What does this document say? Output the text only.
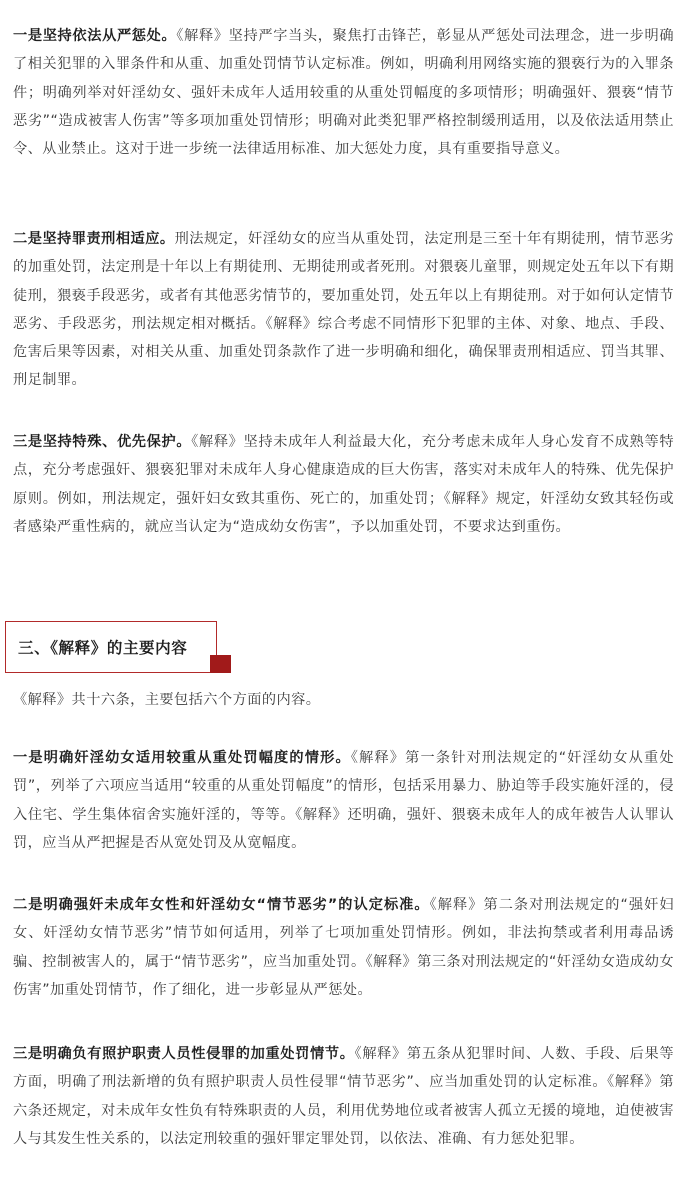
一是坚持依法从严惩处。《解释》坚持严字当头，聚焦打击锋芒，彰显从严惩处司法理念，进一步明确了相关犯罪的入罪条件和从重、加重处罚情节认定标准。例如，明确利用网络实施的猥亵行为的入罪条件；明确列举对奸淫幼女、强奸未成年人适用较重的从重处罚幅度的多项情形；明确强奸、猥亵“情节恶劣”“造成被害人伤害”等多项加重处罚情形；明确对此类犯罪严格控制缓刑适用，以及依法适用禁止令、从业禁止。这对于进一步统一法律适用标准、加大惩处力度，具有重要指导意义。

二是坚持罪责刑相适应。刑法规定，奸淫幼女的应当从重处罚，法定刑是三至十年有期徒刑，情节恶劣的加重处罚，法定刑是十年以上有期徒刑、无期徒刑或者死刑。对猥亵儿童罪，则规定处五年以下有期徒刑，猥亵手段恶劣，或者有其他恶劣情节的，要加重处罚，处五年以上有期徒刑。对于如何认定情节恶劣、手段恶劣，刑法规定相对概括。《解释》综合考虑不同情形下犯罪的主体、对象、地点、手段、危害后果等因素，对相关从重、加重处罚条款作了进一步明确和细化，确保罪责刑相适应、罚当其罪、刑足制罪。

三是坚持特殊、优先保护。《解释》坚持未成年人利益最大化，充分考虑未成年人身心发育不成熟等特点，充分考虑强奸、猥亵犯罪对未成年人身心健康造成的巨大伤害，落实对未成年人的特殊、优先保护原则。例如，刑法规定，强奸妇女致其重伤、死亡的，加重处罚；《解释》规定，奸淫幼女致其轻伤或者感染严重性病的，就应当认定为“造成幼女伤害”，予以加重处罚，不要求达到重伤。

三、《解释》的主要内容

《解释》共十六条，主要包括六个方面的内容。

一是明确奸淫幼女适用较重从重处罚幅度的情形。《解释》第一条针对刑法规定的“奸淫幼女从重处罚”，列举了六项应当适用“较重的从重处罚幅度”的情形，包括采用暴力、胁迫等手段实施奸淫的，侵入住宅、学生集体宿舍实施奸淫的，等等。《解释》还明确，强奸、猥亵未成年人的成年被告人认罪认罚，应当从严把握是否从宽处罚及从宽幅度。

二是明确强奸未成年女性和奸淫幼女“情节恶劣”的认定标准。《解释》第二条对刑法规定的“强奸妇女、奸淫幼女情节恶劣”情节如何适用，列举了七项加重处罚情形。例如，非法拘禁或者利用毒品诱骗、控制被害人的，属于“情节恶劣”，应当加重处罚。《解释》第三条对刑法规定的“奸淫幼女造成幼女伤害”加重处罚情节，作了细化，进一步彰显从严惩处。

三是明确负有照护职责人员性侵罪的加重处罚情节。《解释》第五条从犯罪时间、人数、手段、后果等方面，明确了刑法新增的负有照护职责人员性侵罪“情节恶劣”、应当加重处罚的认定标准。《解释》第六条还规定，对未成年女性负有特殊职责的人员，利用优势地位或者被害人孤立无援的境地，迫使被害人与其发生性关系的，以法定刑较重的强奸罪定罪处罚，以依法、准确、有力惩处犯罪。
